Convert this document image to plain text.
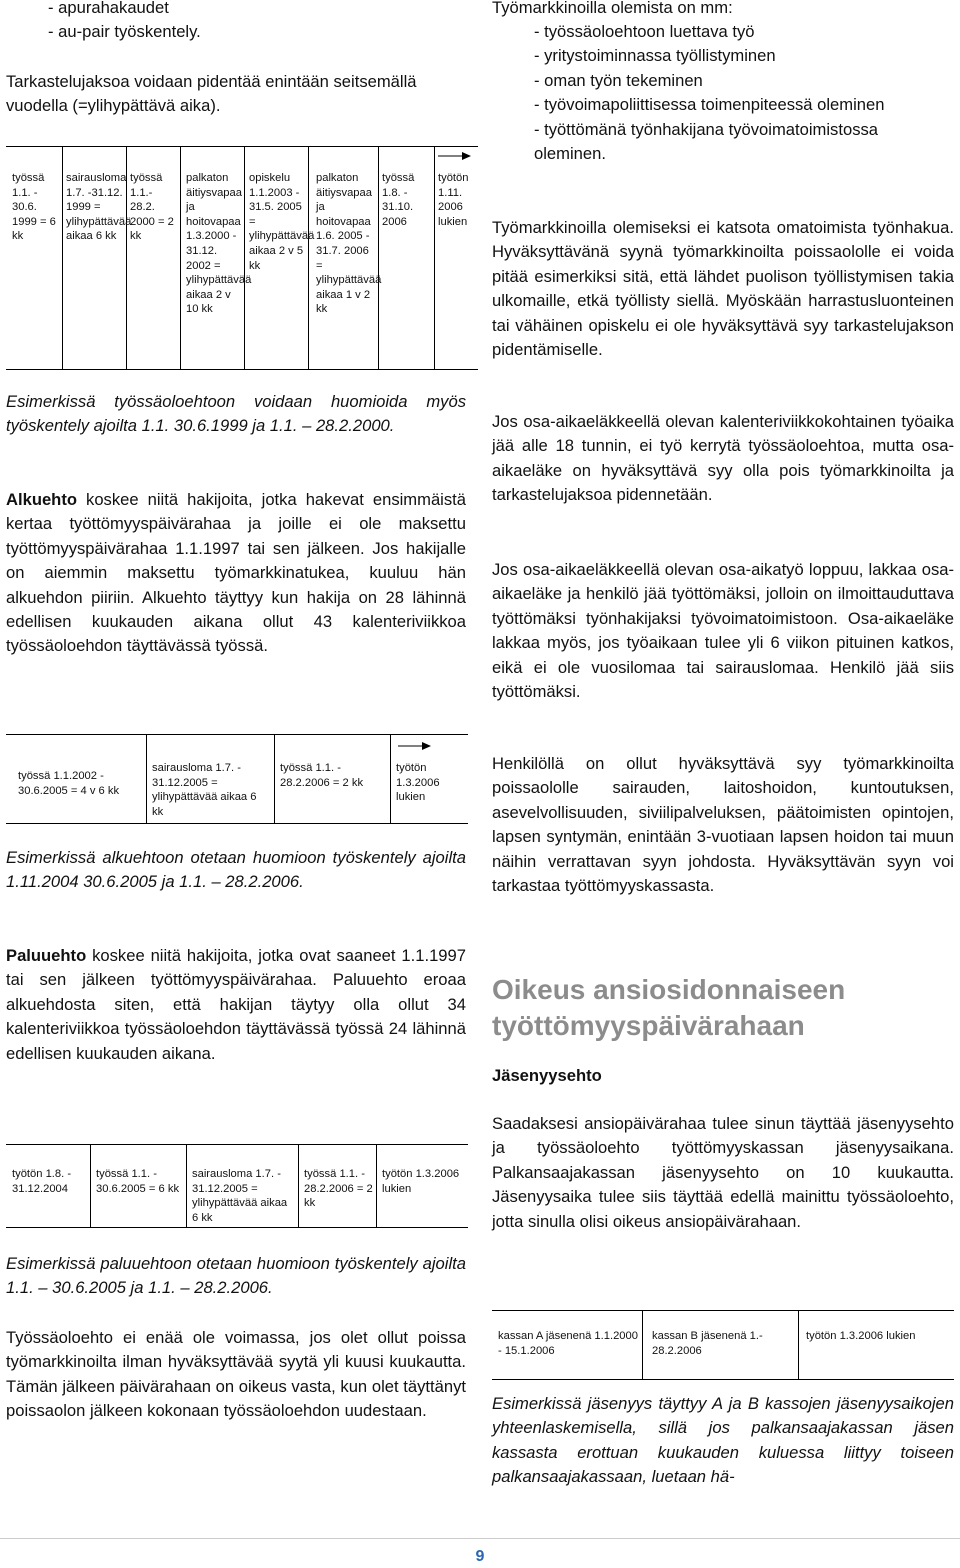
- apurahakaudet

- au-pair työskentely.

Tarkastelujaksoa voidaan pidentää enintään seitsemällä vuodella (=ylihypättävä aika).

työssä 1.1. - 30.6. 1999 = 6 kk
sairausloma 1.7. -31.12. 1999 = ylihypättävää aikaa 6 kk
työssä 1.1.- 28.2. 2000 = 2 kk
palkaton äitiysvapaa ja hoitovapaa 1.3.2000 - 31.12. 2002 = ylihypättävää aikaa 2 v 10 kk
opiskelu 1.1.2003 - 31.5. 2005 = ylihypättävää aikaa 2 v 5 kk
palkaton äitiysvapaa ja hoitovapaa 1.6. 2005 - 31.7. 2006 = ylihypättävää aikaa 1 v 2 kk
työssä 1.8. - 31.10. 2006
työtön 1.11. 2006 lukien

Esimerkissä työssäoloehtoon voidaan huomioida myös työskentely ajoilta 1.1. 30.6.1999 ja 1.1. – 28.2.2000.

Alkuehto koskee niitä hakijoita, jotka hakevat ensimmäistä kertaa työttömyyspäivärahaa ja joille ei ole maksettu työttömyyspäivärahaa 1.1.1997 tai sen jälkeen. Jos hakijalle on aiemmin maksettu työmarkkinatukea, kuuluu hän alkuehdon piiriin. Alkuehto täyttyy kun hakija on 28 lähinnä edellisen kuukauden aikana ollut 43 kalenteriviikkoa työssäoloehdon täyttävässä työssä.

työssä 1.1.2002 - 30.6.2005 = 4 v 6 kk
sairausloma 1.7. - 31.12.2005 = ylihypättävää aikaa 6 kk
työssä 1.1. - 28.2.2006 = 2 kk
työtön 1.3.2006 lukien

Esimerkissä alkuehtoon otetaan huomioon työskentely ajoilta 1.11.2004 30.6.2005 ja 1.1. – 28.2.2006.

Paluuehto koskee niitä hakijoita, jotka ovat saaneet 1.1.1997 tai sen jälkeen työttömyyspäivärahaa. Paluuehto eroaa alkuehdosta siten, että hakijan täytyy olla ollut 34 kalenteriviikkoa työssäoloehdon täyttävässä työssä 24 lähinnä edellisen kuukauden aikana.

työtön 1.8. - 31.12.2004
työssä 1.1. - 30.6.2005 = 6 kk
sairausloma 1.7. - 31.12.2005 = ylihypättävää aikaa 6 kk
työssä 1.1. - 28.2.2006 = 2 kk
työtön 1.3.2006 lukien

Esimerkissä paluuehtoon otetaan huomioon työskentely ajoilta 1.1. – 30.6.2005 ja 1.1. – 28.2.2006.

Työssäoloehto ei enää ole voimassa, jos olet ollut poissa työmarkkinoilta ilman hyväksyttävää syytä yli kuusi kuukautta. Tämän jälkeen päivärahaan on oikeus vasta, kun olet täyttänyt poissaolon jälkeen kokonaan työssäoloehdon uudestaan.

Työmarkkinoilla olemista on mm:

- työssäoloehtoon luettava työ

- yritystoiminnassa työllistyminen

- oman työn tekeminen

- työvoimapoliittisessa toimenpiteessä oleminen

- työttömänä työnhakijana työvoimatoimistossa oleminen.

Työmarkkinoilla olemiseksi ei katsota omatoimista työnhakua. Hyväksyttävänä syynä työmarkkinoilta poissaololle ei voida pitää esimerkiksi sitä, että lähdet puolison työllistymisen takia ulkomaille, etkä työllisty siellä. Myöskään harrastusluonteinen tai vähäinen opiskelu ei ole hyväksyttävä syy tarkastelujakson pidentämiselle.

Jos osa-aikaeläkkeellä olevan kalenteriviikkokohtainen työaika jää alle 18 tunnin, ei työ kerrytä työssäoloehtoa, mutta osa-aikaeläke on hyväksyttävä syy olla pois työmarkkinoilta ja tarkastelujaksoa pidennetään.

Jos osa-aikaeläkkeellä olevan osa-aikatyö loppuu, lakkaa osa-aikaeläke ja henkilö jää työttömäksi, jolloin on ilmoittauduttava työttömäksi työnhakijaksi työvoimatoimistoon. Osa-aikaeläke lakkaa myös, jos työaikaan tulee yli 6 viikon pituinen katkos, eikä ei ole vuosilomaa tai sairauslomaa. Henkilö jää siis työttömäksi.

Henkilöllä on ollut hyväksyttävä syy työmarkkinoilta poissaololle sairauden, laitoshoidon, kuntoutuksen, asevelvollisuuden, siviilipalveluksen, päätoimisten opintojen, lapsen syntymän, enintään 3-vuotiaan lapsen hoidon tai muun näihin verrattavan syyn johdosta. Hyväksyttävän syyn voi tarkastaa työttömyyskassasta.

Oikeus ansiosidonnaiseen työttömyyspäivärahaan

Jäsenyysehto

Saadaksesi ansiopäivärahaa tulee sinun täyttää jäsenyysehto ja työssäoloehto työttömyyskassan jäsenyysaikana. Palkansaajakassan jäsenyysehto on 10 kuukautta. Jäsenyysaika tulee siis täyttää edellä mainittu työssäoloehto, jotta sinulla olisi oikeus ansiopäivärahaan.

kassan A jäsenenä 1.1.2000 - 15.1.2006
kassan B jäsenenä 1.- 28.2.2006
työtön 1.3.2006 lukien

Esimerkissä jäsenyys täyttyy A ja B kassojen jäsenyysaikojen yhteenlaskemisella, sillä jos palkansaajakassan jäsen kassasta erottuan kuukauden kuluessa liittyy toiseen palkansaajakassaan, luetaan hä-

9
